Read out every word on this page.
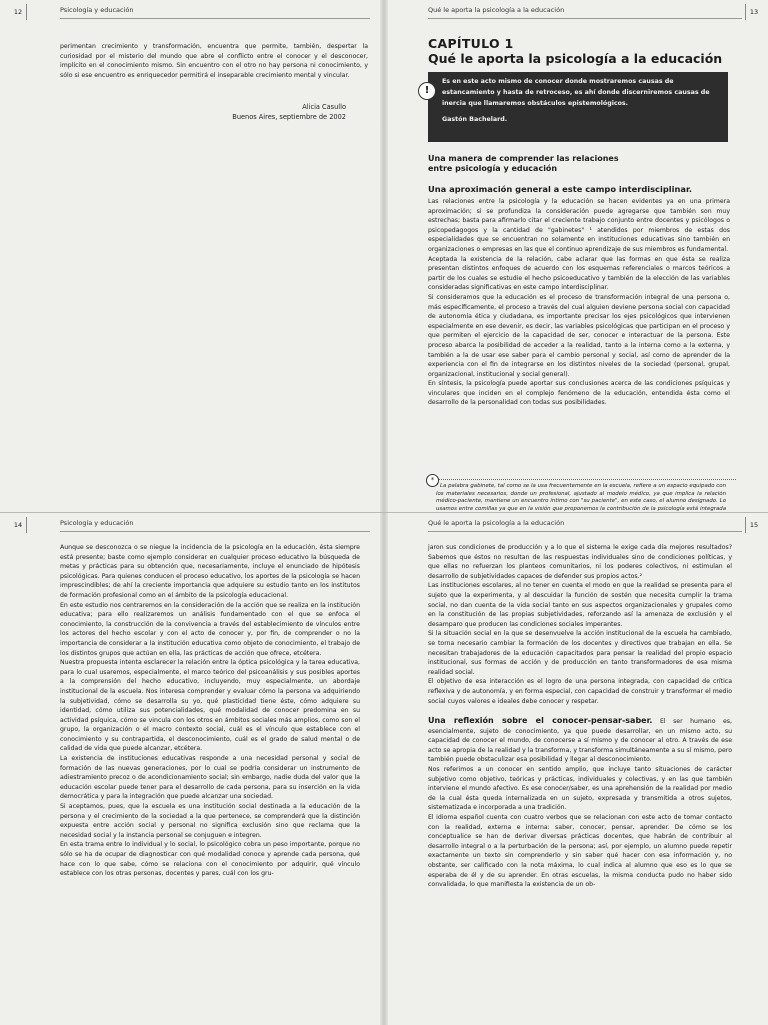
12	Psicología y educación

perimentan crecimiento y transformación, encuentra que permite, también, despertar la curiosidad por el misterio del mundo que abre el conflicto entre el conocer y el desconocer, implícito en el conocimiento mismo. Sin encuentro con el otro no hay persona ni conocimiento, y sólo si ese encuentro es enriquecedor permitirá el inseparable crecimiento mental y vincular.

Alicia Casullo
Buenos Aires, septiembre de 2002
Qué le aporta la psicología a la educación	13
CAPÍTULO 1
Qué le aporta la psicología a la educación
Es en este acto mismo de conocer donde mostraremos causas de estancamiento y hasta de retroceso, es ahí donde discerniremos causas de inercia que llamaremos obstáculos epistemológicos.
Gastón Bachelard.
!
Una manera de comprender las relaciones
entre psicología y educación
Una aproximación general a este campo interdisciplinar.

Las relaciones entre la psicología y la educación se hacen evidentes ya en una primera aproximación; si se profundiza la consideración puede agregarse que también son muy estrechas; basta para afirmarlo citar el creciente trabajo conjunto entre docentes y psicólogos o psicopedagogos y la cantidad de "gabinetes" ¹ atendidos por miembros de estas dos especialidades que se encuentran no solamente en instituciones educativas sino también en organizaciones o empresas en las que el continuo aprendizaje de sus miembros es fundamental.

Aceptada la existencia de la relación, cabe aclarar que las formas en que ésta se realiza presentan distintos enfoques de acuerdo con los esquemas referenciales o marcos teóricos a partir de los cuales se estudie el hecho psicoeducativo y también de la elección de las variables consideradas significativas en este campo interdisciplinar.

Si consideramos que la educación es el proceso de transformación integral de una persona o, más específicamente, el proceso a través del cual alguien deviene persona social con capacidad de autonomía ética y ciudadana, es importante precisar los ejes psicológicos que intervienen especialmente en ese devenir, es decir, las variables psicológicas que participan en el proceso y que permiten el ejercicio de la capacidad de ser, conocer e interactuar de la persona. Este proceso abarca la posibilidad de acceder a la realidad, tanto a la interna como a la externa, y también a la de usar ese saber para el cambio personal y social, así como de aprender de la experiencia con el fin de integrarse en los distintos niveles de la sociedad (personal, grupal, organizacional, institucional y social general).

En síntesis, la psicología puede aportar sus conclusiones acerca de las condiciones psíquicas y vinculares que inciden en el complejo fenómeno de la educación, entendida ésta como el desarrollo de la personalidad con todas sus posibilidades.

*
¹ La palabra gabinete, tal como se la usa frecuentemente en la escuela, refiere a un espacio equipado con los materiales necesarios, donde un profesional, ajustado al modelo médico, ya que implica la relación médico-paciente, mantiene un encuentro íntimo con "su paciente", en este caso, el alumno designado. Lo usamos entre comillas ya que en la visión que proponemos la contribución de la psicología está integrada
14	Psicología y educación

Aunque se desconozca o se niegue la incidencia de la psicología en la educación, ésta siempre está presente; baste como ejemplo considerar en cualquier proceso educativo la búsqueda de metas y prácticas para su obtención que, necesariamente, incluye el enunciado de hipótesis psicológicas. Para quienes conducen el proceso educativo, los aportes de la psicología se hacen imprescindibles; de ahí la creciente importancia que adquiere su estudio tanto en los institutos de formación profesional como en el ámbito de la psicología educacional.

En este estudio nos centraremos en la consideración de la acción que se realiza en la institución educativa; para ello realizaremos un análisis fundamentado con el que se enfoca el conocimiento, la construcción de la convivencia a través del establecimiento de vínculos entre los actores del hecho escolar y con el acto de conocer y, por fin, de comprender o no la importancia de considerar a la institución educativa como objeto de conocimiento, el trabajo de los distintos grupos que actúan en ella, las prácticas de acción que ofrece, etcétera.

Nuestra propuesta intenta esclarecer la relación entre la óptica psicológica y la tarea educativa, para lo cual usaremos, especialmente, el marco teórico del psicoanálisis y sus posibles aportes a la comprensión del hecho educativo, incluyendo, muy especialmente, un abordaje institucional de la escuela. Nos interesa comprender y evaluar cómo la persona va adquiriendo la subjetividad, cómo se desarrolla su yo, qué plasticidad tiene éste, cómo adquiere su identidad, cómo utiliza sus potencialidades, qué modalidad de conocer predomina en su actividad psíquica, cómo se vincula con los otros en ámbitos sociales más amplios, como son el grupo, la organización o el macro contexto social, cuál es el vínculo que establece con el conocimiento y su contrapartida, el desconocimiento, cuál es el grado de salud mental o de calidad de vida que puede alcanzar, etcétera.

La existencia de instituciones educativas responde a una necesidad personal y social de formación de las nuevas generaciones, por lo cual se podría considerar un instrumento de adiestramiento precoz o de acondicionamiento social; sin embargo, nadie duda del valor que la educación escolar puede tener para el desarrollo de cada persona, para su inserción en la vida democrática y para la integración que puede alcanzar una sociedad.

Si aceptamos, pues, que la escuela es una institución social destinada a la educación de la persona y el crecimiento de la sociedad a la que pertenece, se comprenderá que la distinción expuesta entre acción social y personal no significa exclusión sino que reclama que la necesidad social y la instancia personal se conjuguen e integren.

En esta trama entre lo individual y lo social, lo psicológico cobra un peso importante, porque no sólo se ha de ocupar de diagnosticar con qué modalidad conoce y aprende cada persona, qué hace con lo que sabe, cómo se relaciona con el conocimiento por adquirir, qué vínculo establece con los otras personas, docentes y pares, cuál con los gru-

Qué le aporta la psicología a la educación	15

jaron sus condiciones de producción y a lo que el sistema le exige cada día mejores resultados? Sabemos que éstos no resultan de las respuestas individuales sino de condiciones políticas, y que ellas no refuerzan los planteos comunitarios, ni los poderes colectivos, ni estimulan el desarrollo de subjetividades capaces de defender sus propios actos.²

Las instituciones escolares, al no tener en cuenta el modo en que la realidad se presenta para el sujeto que la experimenta, y al descuidar la función de sostén que necesita cumplir la trama social, no dan cuenta de la vida social tanto en sus aspectos organizacionales y grupales como en la constitución de las propias subjetividades, reforzando así la amenaza de exclusión y el desamparo que producen las condiciones sociales imperantes.

Si la situación social en la que se desenvuelve la acción institucional de la escuela ha cambiado, se torna necesario cambiar la formación de los docentes y directivos que trabajan en ella. Se necesitan trabajadores de la educación capacitados para pensar la realidad del propio espacio institucional, sus formas de acción y de producción en tanto transformadores de esa misma realidad social.

El objetivo de esa interacción es el logro de una persona integrada, con capacidad de crítica reflexiva y de autonomía, y en forma especial, con capacidad de construir y transformar el medio social cuyos valores e ideales debe conocer y respetar.

Una reflexión sobre el conocer-pensar-saber. El ser humano es, esencialmente, sujeto de conocimiento, ya que puede desarrollar, en un mismo acto, su capacidad de conocer el mundo, de conocerse a sí mismo y de conocer al otro. A través de ese acto se apropia de la realidad y la transforma, y transforma simultáneamente a su sí mismo, pero también puede obstaculizar esa posibilidad y llegar al desconocimiento.

Nos referimos a un conocer en sentido amplio, que incluye tanto situaciones de carácter subjetivo como objetivo, teóricas y prácticas, individuales y colectivas, y en las que también interviene el mundo afectivo. Es ese conocer/saber, es una aprehensión de la realidad por medio de la cual ésta queda internalizada en un sujeto, expresada y transmitida a otros sujetos, sistematizada e incorporada a una tradición.

El idioma español cuenta con cuatro verbos que se relacionan con este acto de tomar contacto con la realidad, externa e interna: saber, conocer, pensar, aprender. De cómo se los conceptualice se han de derivar diversas prácticas docentes, que habrán de contribuir al desarrollo integral o a la perturbación de la persona; así, por ejemplo, un alumno puede repetir exactamente un texto sin comprenderlo y sin saber qué hacer con esa información y, no obstante, ser calificado con la nota máxima, lo cual indica al alumno que eso es lo que se esperaba de él y de su aprender. En otras escuelas, la misma conducta pudo no haber sido convalidada, lo que manifiesta la existencia de un ob-
